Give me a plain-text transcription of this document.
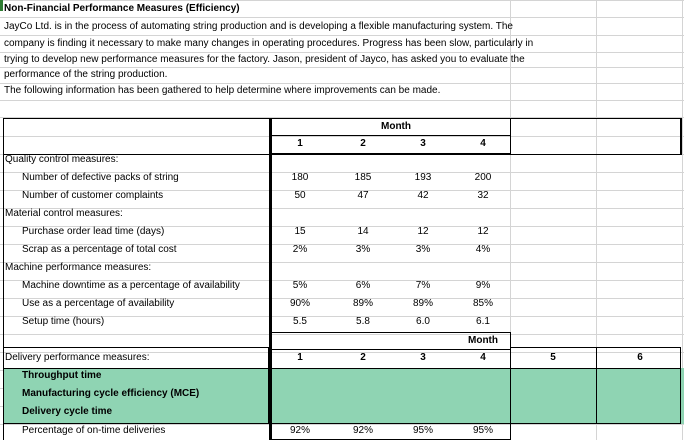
Non-Financial Performance Measures (Efficiency)
JayCo Ltd. is in the process of automating string production and is developing a flexible manufacturing system. The
company is finding it necessary to make many changes in operating procedures. Progress has been slow, particularly in
trying to develop new performance measures for the factory. Jason, president of Jayco, has asked you to evaluate the
performance of the string production.
The following information has been gathered to help determine where improvements can be made.
Month
1	2	3	4
Quality control measures:
Number of defective packs of string	180	185	193	200
Number of customer complaints	50	47	42	32
Material control measures:
Purchase order lead time (days)	15	14	12	12
Scrap as a percentage of total cost	2%	3%	3%	4%
Machine performance measures:
Machine downtime as a percentage of availability	5%	6%	7%	9%
Use as a percentage of availability	90%	89%	89%	85%
Setup time (hours)	5.5	5.8	6.0	6.1
Month
Delivery performance measures:	1	2	3	4	5	6
Throughput time
Manufacturing cycle efficiency (MCE)
Delivery cycle time
Percentage of on-time deliveries	92%	92%	95%	95%
